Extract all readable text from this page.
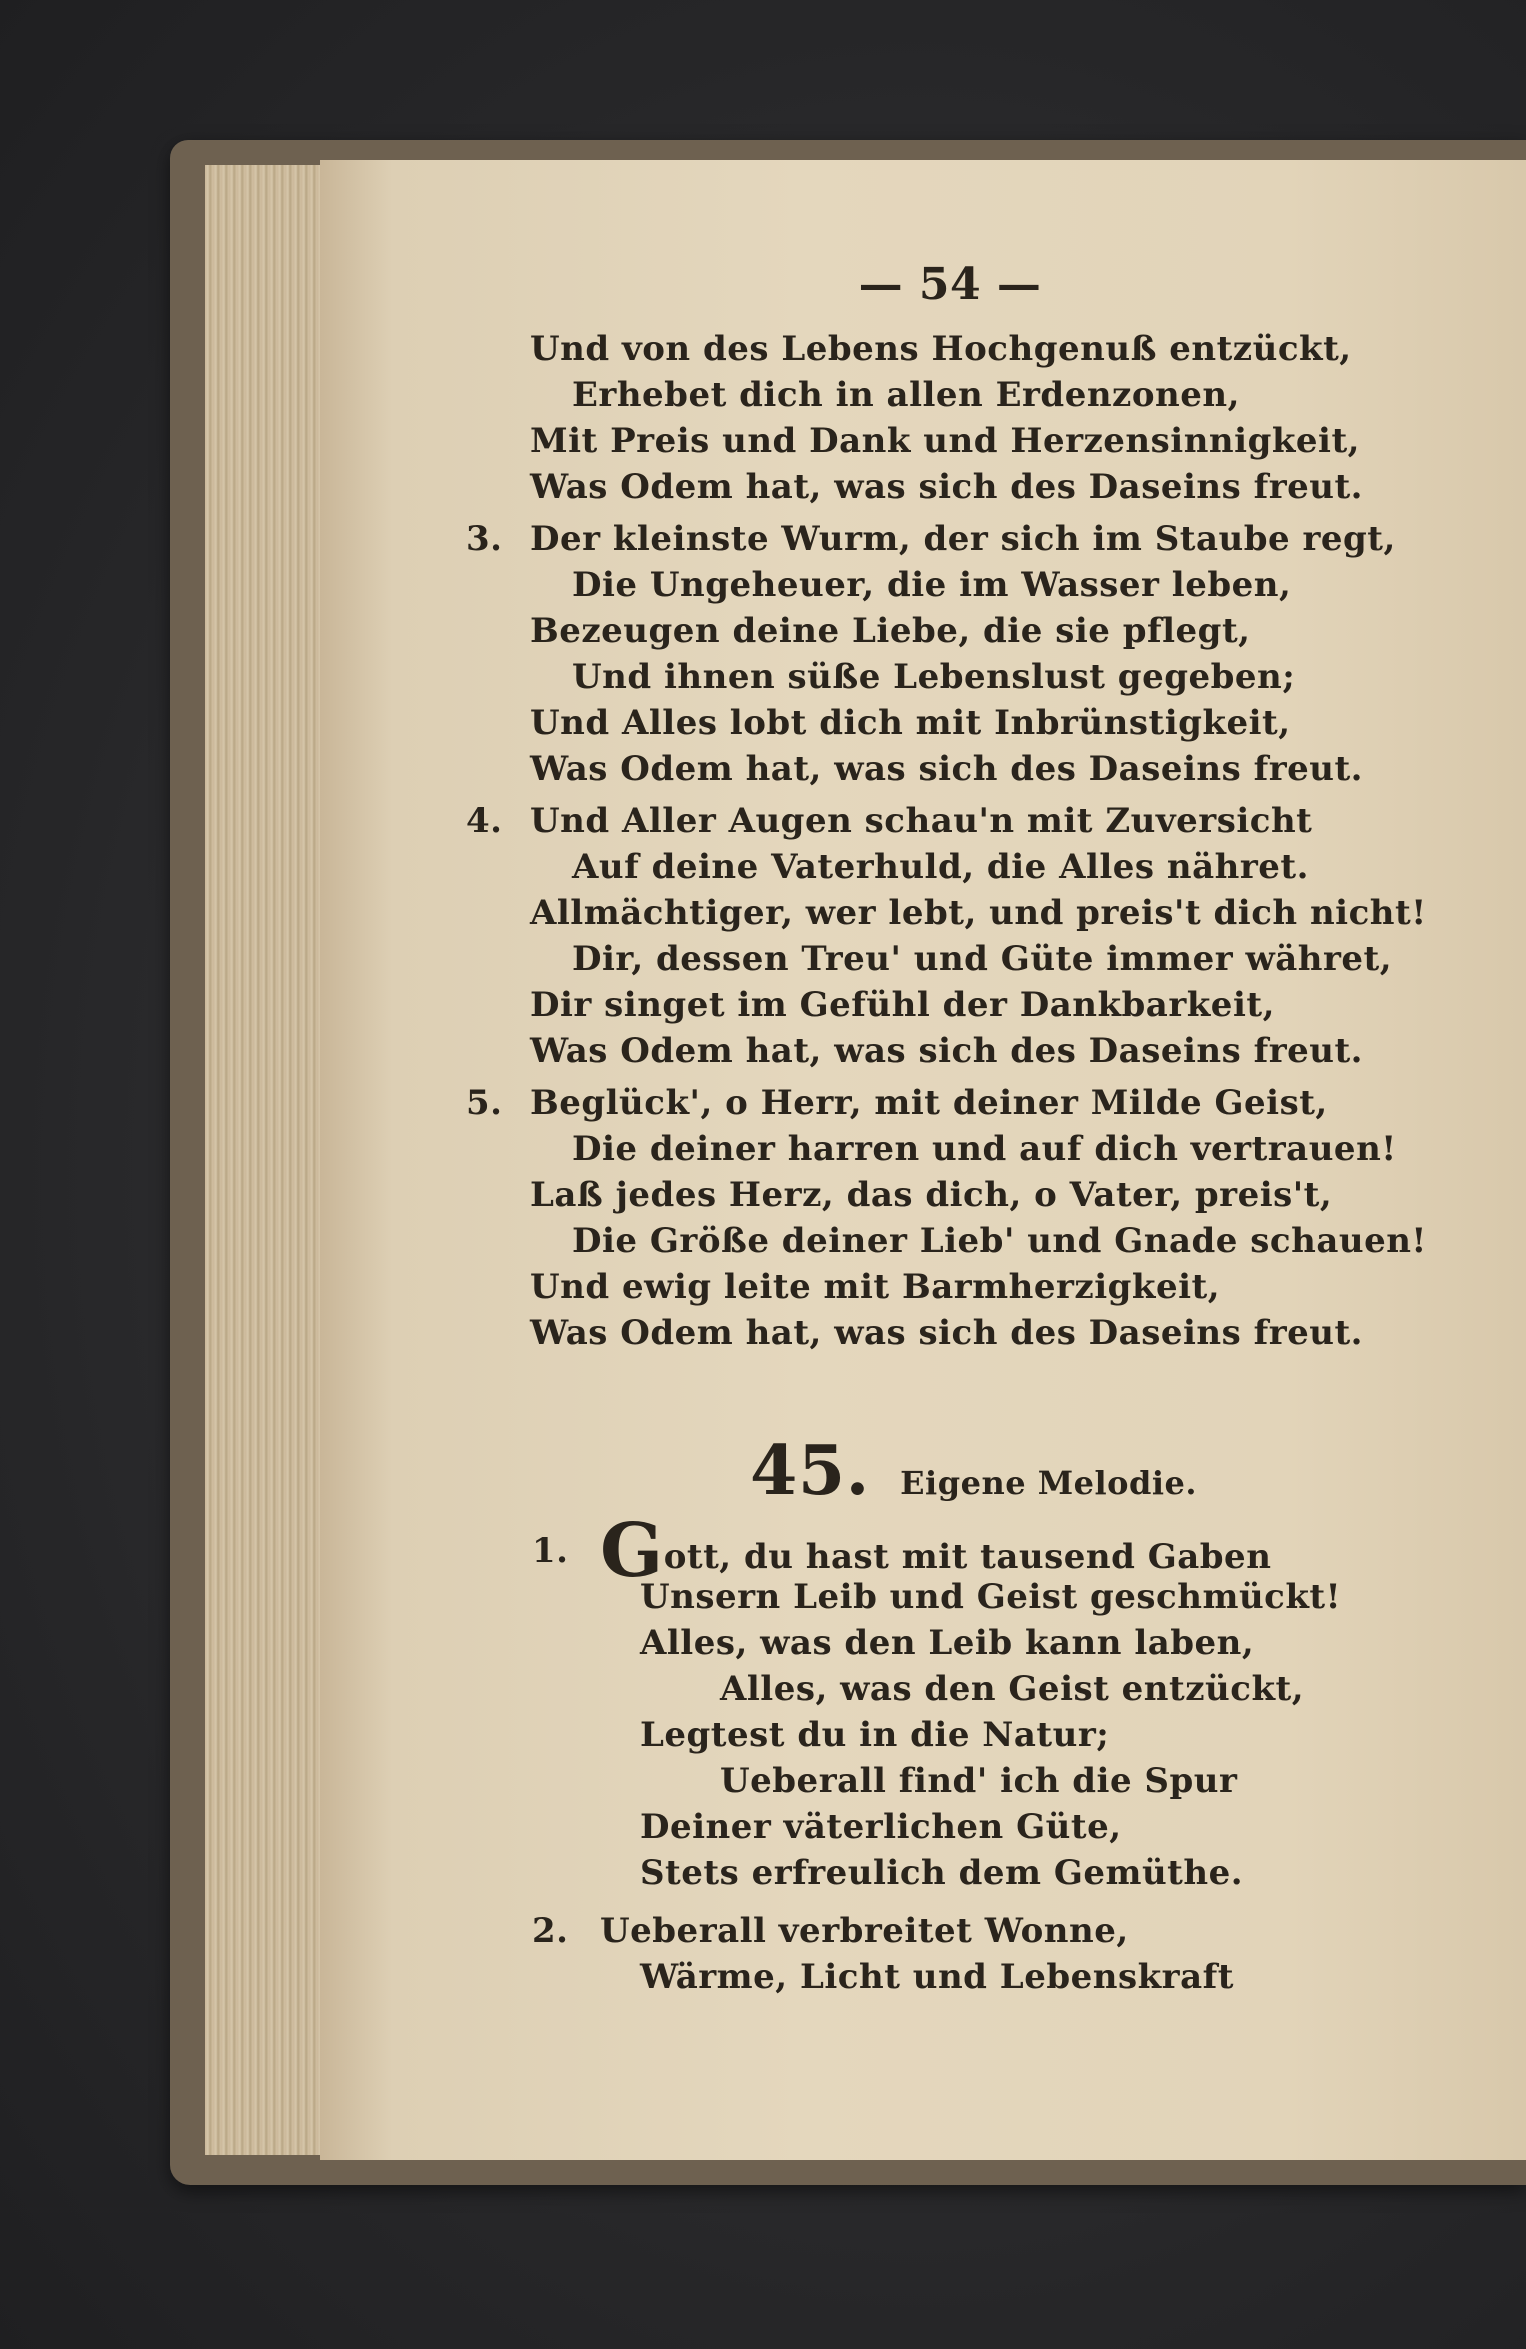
— 54 —
Und von des Lebens Hochgenuß entzückt,
Erhebet dich in allen Erdenzonen,
Mit Preis und Dank und Herzensinnigkeit,
Was Odem hat, was sich des Daseins freut.
3. Der kleinste Wurm, der sich im Staube regt,
Die Ungeheuer, die im Wasser leben,
Bezeugen deine Liebe, die sie pflegt,
Und ihnen süße Lebenslust gegeben;
Und Alles lobt dich mit Inbrünstigkeit,
Was Odem hat, was sich des Daseins freut.
4. Und Aller Augen schau'n mit Zuversicht
Auf deine Vaterhuld, die Alles nähret.
Allmächtiger, wer lebt, und preis't dich nicht!
Dir, dessen Treu' und Güte immer währet,
Dir singet im Gefühl der Dankbarkeit,
Was Odem hat, was sich des Daseins freut.
5. Beglück', o Herr, mit deiner Milde Geist,
Die deiner harren und auf dich vertrauen!
Laß jedes Herz, das dich, o Vater, preis't,
Die Größe deiner Lieb' und Gnade schauen!
Und ewig leite mit Barmherzigkeit,
Was Odem hat, was sich des Daseins freut.
45. Eigene Melodie.
1. Gott, du hast mit tausend Gaben
Unsern Leib und Geist geschmückt!
Alles, was den Leib kann laben,
Alles, was den Geist entzückt,
Legtest du in die Natur;
Ueberall find' ich die Spur
Deiner väterlichen Güte,
Stets erfreulich dem Gemüthe.
2. Ueberall verbreitet Wonne,
Wärme, Licht und Lebenskraft
